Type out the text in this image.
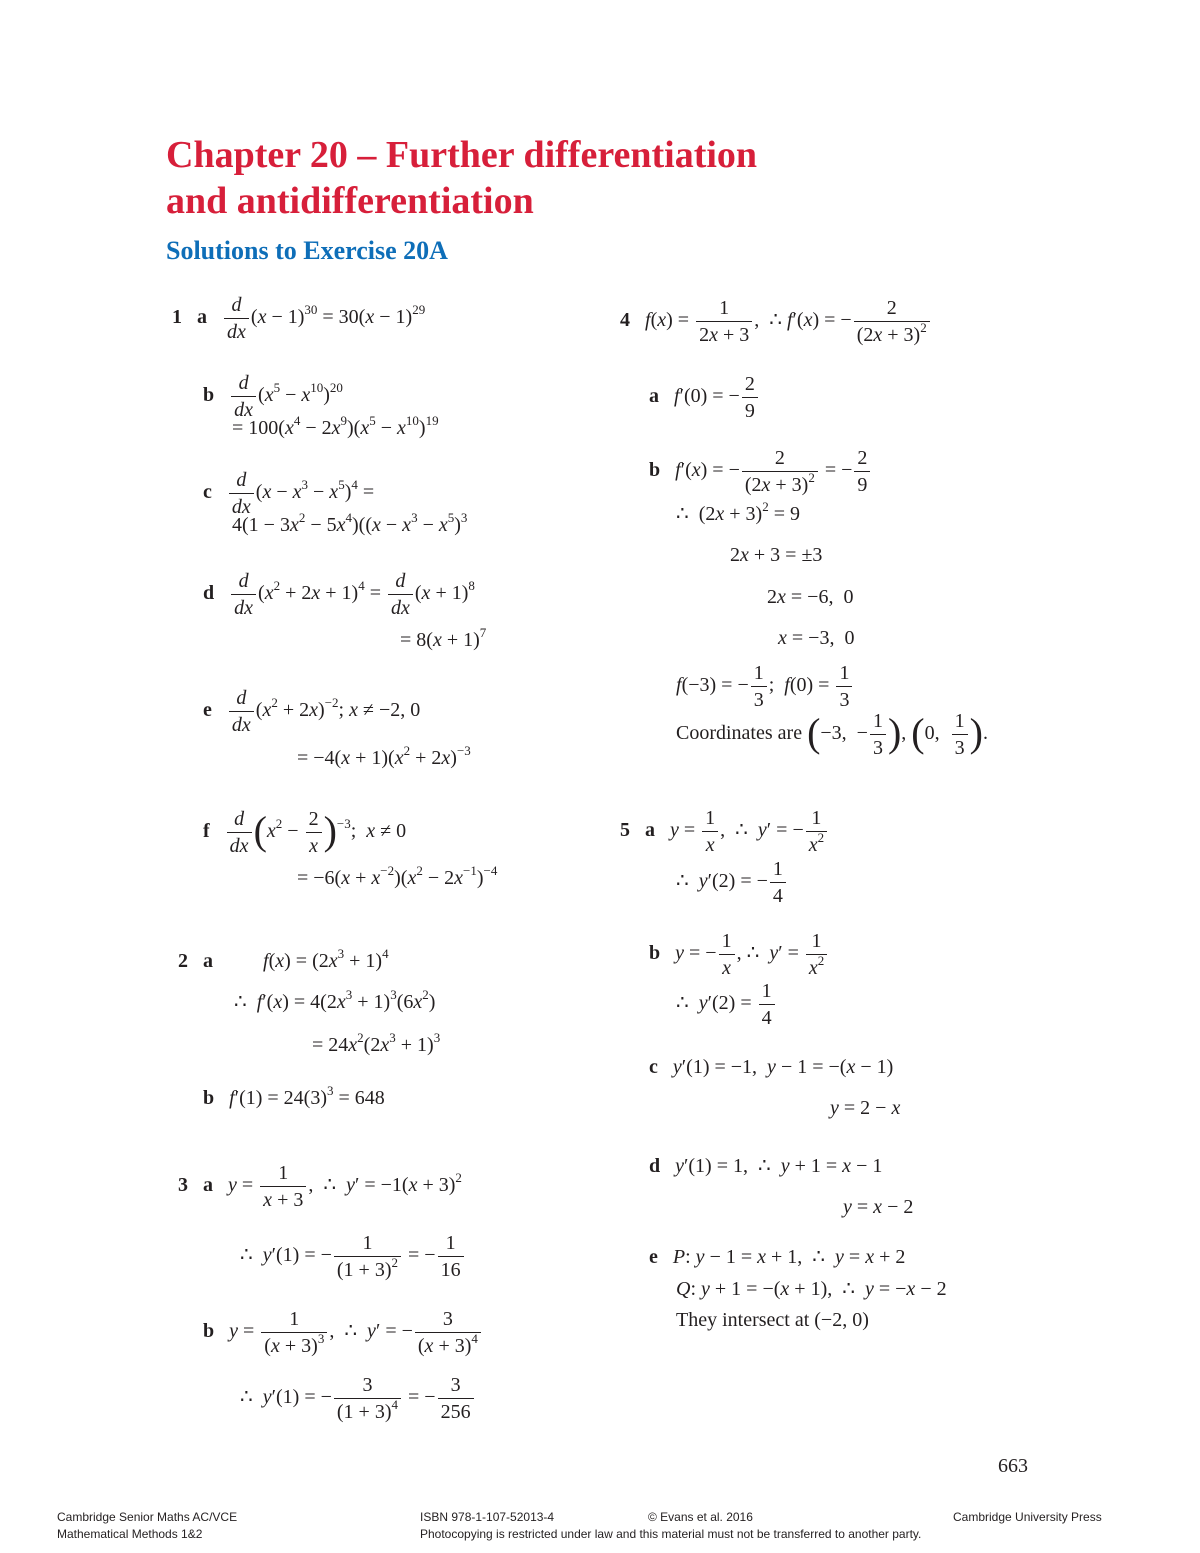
Chapter 20 – Further differentiation
and antidifferentiation
Solutions to Exercise 20A
1 a $\frac{d}{dx} (x - 1)^{30} = 30(x - 1)^{29}$
b $\frac{d}{dx} (x^5 - x^{10})^{20}$
= $100(x^4 - 2x^9)(x^5 - x^{10})^{19}$
c $\frac{d}{dx} (x - x^3 - x^5)^4$ =
$4(1 - 3x^2 - 5x^4)((x - x^3 - x^5)^3$
d $\frac{d}{dx} (x^2 + 2x + 1)^4 = \frac{d}{dx} (x + 1)^8$
= $8(x + 1)^7$
e $\frac{d}{dx} (x^2 + 2x)^{-2}$; x ≠ −2, 0
= $-4(x + 1)(x^2 + 2x)^{-3}$
f $\frac{d}{dx} (x^2 - \frac{2}{x} )^{-3}$;  x ≠ 0
= $-6(x + x^{-2})(x^2 - 2x^{-1})^{-4}$
2 a	$f(x) = (2x^3 + 1)^4$
∴  $f'(x) = 4(2x^3 + 1)^3(6x^2)$
= $24x^2(2x^3 + 1)^3$
b $f'(1) = 24(3)^3 = 648$
3 a $y = \frac{1}{x + 3}$ ,  ∴  $y' = -1(x + 3)^2$
∴  y′(1) = − $\frac{1}{(1 + 3)^2}$ = − $\frac{1}{16}$
b $y = \frac{1}{(x + 3)^3}$ ,  ∴  y′ = − $\frac{3}{(x + 3)^4}$
∴  y′(1) = − $\frac{3}{(1 + 3)^4}$ = − $\frac{3}{256}$
4 $f(x) = \frac{1}{2x + 3}$ ,  ∴ f′(x) = − $\frac{2}{(2x + 3)^2}$
a f′(0) = − $\frac{2}{9}$
b f′(x) = − $\frac{2}{(2x + 3)^2}$ = − $\frac{2}{9}$
∴  $(2x + 3)^2 = 9$
2x + 3 = ±3
2x = −6,  0
x = −3,  0
f(−3) = − $\frac{1}{3}$ ;  $f(0) = \frac{1}{3}$
Coordinates are (−3,  − $\frac{1}{3}$ ), (0, $\frac{1}{3}$ ).
5 a $y = \frac{1}{x}$ ,  ∴  y′ = − $\frac{1}{x^2}$
∴  y′(2) = − $\frac{1}{4}$
b y = − $\frac{1}{x}$ , ∴  $y' = \frac{1}{x^2}$
∴  $y'(2) = \frac{1}{4}$
c y′(1) = −1,  y − 1 = −(x − 1)
y = 2 − x
d y′(1) = 1,  ∴  y + 1 = x − 1
y = x − 2
e P: y − 1 = x + 1,  ∴  y = x + 2
Q: y + 1 = −(x + 1),  ∴  y = −x − 2
They intersect at (−2, 0)
663
Cambridge Senior Maths AC/VCE
Mathematical Methods 1&2
ISBN 978-1-107-52013-4	© Evans et al. 2016	Cambridge University Press
Photocopying is restricted under law and this material must not be transferred to another party.
